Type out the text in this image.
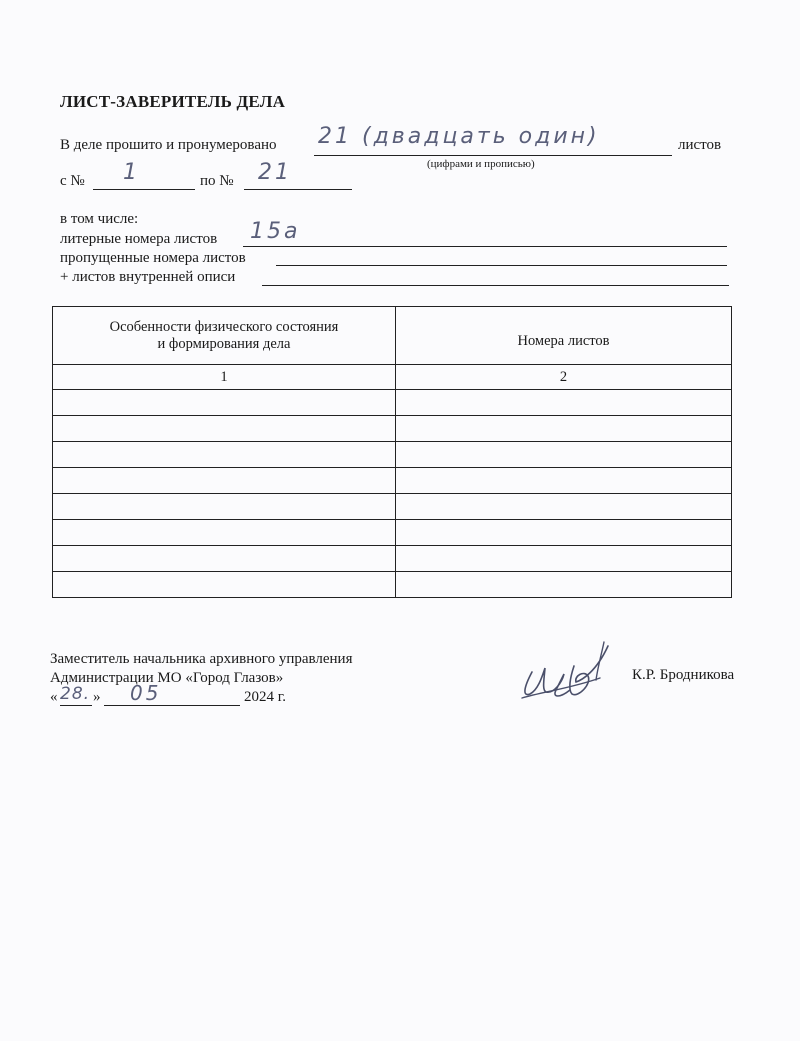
ЛИСТ-ЗАВЕРИТЕЛЬ ДЕЛА
В деле прошито и пронумеровано 21 (двадцать один)	листов
(цифрами и прописью)
с № 1	по № 21
в том числе:
литерные номера листов 15а
пропущенные номера листов
+ листов внутренней описи
Особенности физического состояния
и формирования дела	Номера листов
1	2

Заместитель начальника архивного управления
Администрации МО «Город Глазов»
« 28. » 05	2024 г.
К.Р. Бродникова
